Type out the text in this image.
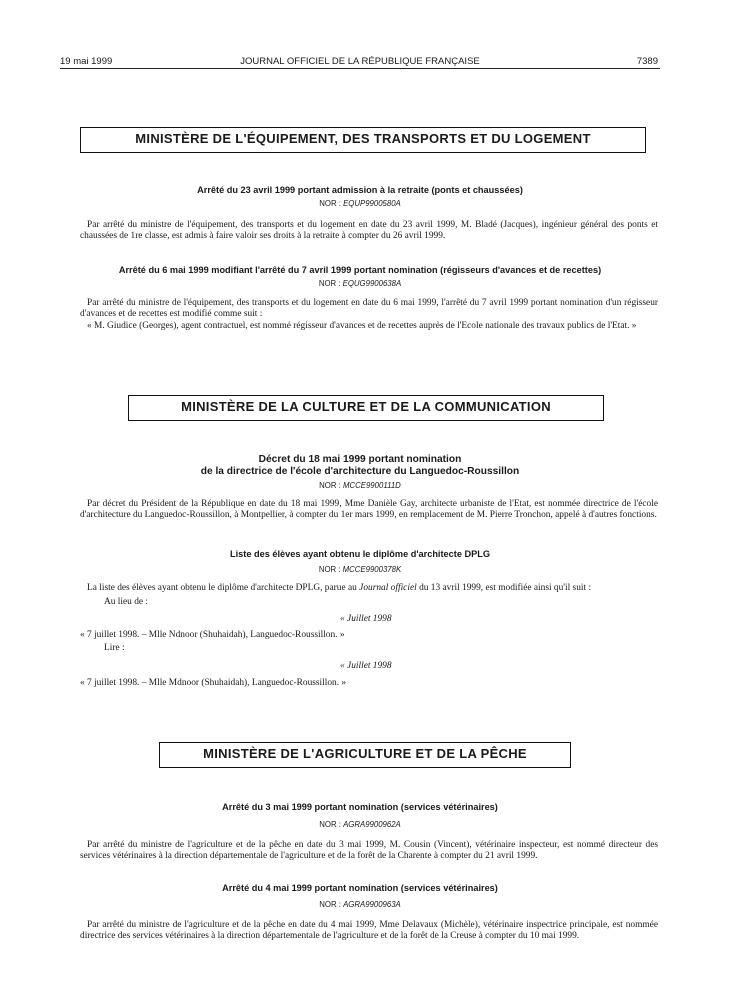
19 mai 1999	JOURNAL OFFICIEL DE LA RÉPUBLIQUE FRANÇAISE	7389
MINISTÈRE DE L'ÉQUIPEMENT, DES TRANSPORTS ET DU LOGEMENT
Arrêté du 23 avril 1999 portant admission à la retraite (ponts et chaussées)
NOR : EQUP9900580A
Par arrêté du ministre de l'équipement, des transports et du logement en date du 23 avril 1999, M. Bladé (Jacques), ingénieur général des ponts et chaussées de 1re classe, est admis à faire valoir ses droits à la retraite à compter du 26 avril 1999.
Arrêté du 6 mai 1999 modifiant l'arrêté du 7 avril 1999 portant nomination (régisseurs d'avances et de recettes)
NOR : EQUG9900638A
Par arrêté du ministre de l'équipement, des transports et du logement en date du 6 mai 1999, l'arrêté du 7 avril 1999 portant nomination d'un régisseur d'avances et de recettes est modifié comme suit :
« M. Giudice (Georges), agent contractuel, est nommé régisseur d'avances et de recettes auprès de l'Ecole nationale des travaux publics de l'Etat. »
MINISTÈRE DE LA CULTURE ET DE LA COMMUNICATION
Décret du 18 mai 1999 portant nomination
de la directrice de l'école d'architecture du Languedoc-Roussillon
NOR : MCCE9900111D
Par décret du Président de la République en date du 18 mai 1999, Mme Danièle Gay, architecte urbaniste de l'Etat, est nommée directrice de l'école d'architecture du Languedoc-Roussillon, à Montpellier, à compter du 1er mars 1999, en remplacement de M. Pierre Tronchon, appelé à d'autres fonctions.
Liste des élèves ayant obtenu le diplôme d'architecte DPLG
NOR : MCCE9900378K
La liste des élèves ayant obtenu le diplôme d'architecte DPLG, parue au Journal officiel du 13 avril 1999, est modifiée ainsi qu'il suit :
Au lieu de :
« Juillet 1998
« 7 juillet 1998. – Mlle Ndnoor (Shuhaidah), Languedoc-Roussillon. »
Lire :
« Juillet 1998
« 7 juillet 1998. – Mlle Mdnoor (Shuhaidah), Languedoc-Roussillon. »
MINISTÈRE DE L'AGRICULTURE ET DE LA PÊCHE
Arrêté du 3 mai 1999 portant nomination (services vétérinaires)
NOR : AGRA9900962A
Par arrêté du ministre de l'agriculture et de la pêche en date du 3 mai 1999, M. Cousin (Vincent), vétérinaire inspecteur, est nommé directeur des services vétérinaires à la direction départementale de l'agriculture et de la forêt de la Charente à compter du 21 avril 1999.
Arrêté du 4 mai 1999 portant nomination (services vétérinaires)
NOR : AGRA9900963A
Par arrêté du ministre de l'agriculture et de la pêche en date du 4 mai 1999, Mme Delavaux (Michèle), vétérinaire inspectrice principale, est nommée directrice des services vétérinaires à la direction départementale de l'agriculture et de la forêt de la Creuse à compter du 10 mai 1999.
